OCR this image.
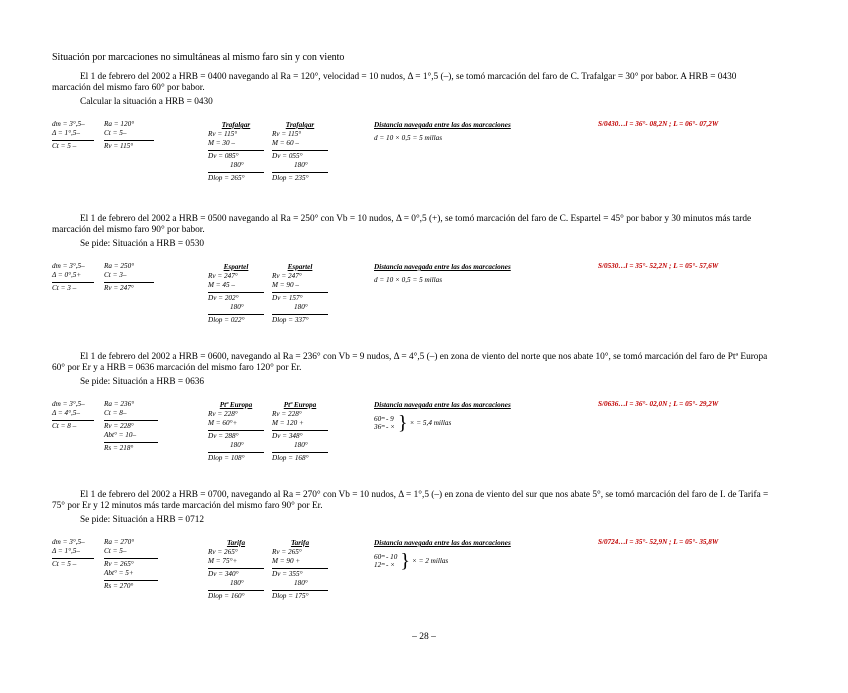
Situación por marcaciones no simultáneas al mismo faro sin y con viento

El 1 de febrero del 2002 a HRB = 0400 navegando al Ra = 120°, velocidad = 10 nudos, Δ = 1°,5 (–), se tomó marcación del faro de C. Trafalgar = 30° por babor. A HRB = 0430 marcación del mismo faro 60° por babor.

Calcular la situación a HRB = 0430
dm = 3°,5–
Δ = 1°,5–
Ct = 5 –
Ra = 120°
Ct = 5–
Rv = 115°
Trafalgar
Rv = 115°
M = 30 –
Dv = 085°
180°
Dlop = 265°
Trafalgar
Rv = 115°
M = 60 –
Dv = 055°
180°
Dlop = 235°
Distancia navegada entre las dos marcaciones
d = 10 × 0,5 = 5 millas
S/0430…l = 36°- 08,2N ; L = 06°- 07,2W

El 1 de febrero del 2002 a HRB = 0500 navegando al Ra = 250° con Vb = 10 nudos, Δ = 0°,5 (+), se tomó marcación del faro de C. Espartel = 45° por babor y 30 minutos más tarde marcación del mismo faro 90° por babor.

Se pide: Situación a HRB = 0530
dm = 3°,5–
Δ = 0°,5+
Ct = 3 –
Ra = 250°
Ct = 3–
Rv = 247°
Espartel
Rv = 247°
M = 45 –
Dv = 202°
180°
Dlop = 022°
Espartel
Rv = 247°
M = 90 –
Dv = 157°
180°
Dlop = 337°
Distancia navegada entre las dos marcaciones
d = 10 × 0,5 = 5 millas
S/0530…l = 35°- 52,2N ; L = 05°- 57,6W

El 1 de febrero del 2002 a HRB = 0600, navegando al Ra = 236° con Vb = 9 nudos, Δ = 4°,5 (–) en zona de viento del norte que nos abate 10°, se tomó marcación del faro de Ptª Europa 60° por Er y a HRB = 0636 marcación del mismo faro 120° por Er.

Se pide: Situación a HRB = 0636
dm = 3°,5–
Δ = 4°,5–
Ct = 8 –
Ra = 236°
Ct = 8–
Rv = 228°
Abt° = 10–
Rs = 218°
Ptª Europa
Rv = 228°
M = 60°+
Dv = 288°
180°
Dlop = 108°
Ptª Europa
Rv = 228°
M = 120 +
Dv = 348°
180°
Dlop = 168°
Distancia navegada entre las dos marcaciones
60ᵐ - 9
36ᵐ - × } × = 5,4 millas
S/0636…l = 36°- 02,0N ; L = 05°- 29,2W

El 1 de febrero del 2002 a HRB = 0700, navegando al Ra = 270° con Vb = 10 nudos, Δ = 1°,5 (–) en zona de viento del sur que nos abate 5°, se tomó marcación del faro de I. de Tarifa = 75° por Er y 12 minutos más tarde marcación del mismo faro 90° por Er.

Se pide: Situación a HRB = 0712
dm = 3°,5–
Δ = 1°,5–
Ct = 5 –
Ra = 270°
Ct = 5–
Rv = 265°
Abt° = 5+
Rs = 270°
Tarifa
Rv = 265°
M = 75°+
Dv = 340°
180°
Dlop = 160°
Tarifa
Rv = 265°
M = 90 +
Dv = 355°
180°
Dlop = 175°
Distancia navegada entre las dos marcaciones
60ᵐ - 10
12ᵐ - × } × = 2 millas
S/0724…l = 35°- 52,9N ; L = 05°- 35,8W
– 28 –
